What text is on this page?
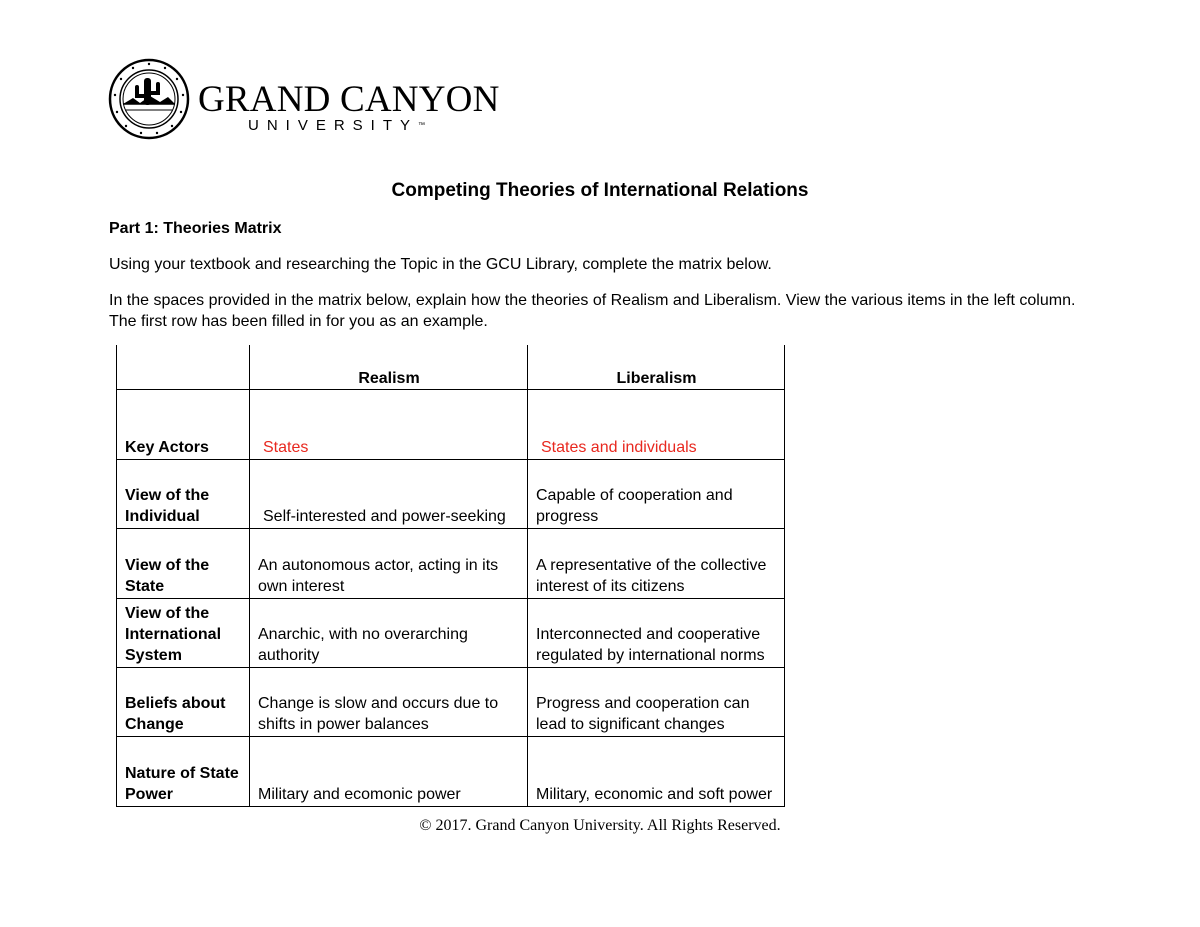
GRAND CANYON

UNIVERSITY™

Competing Theories of International Relations
Part 1: Theories Matrix

Using your textbook and researching the Topic in the GCU Library, complete the matrix below.

In the spaces provided in the matrix below, explain how the theories of Realism and Liberalism. View the various items in the left column. The first row has been filled in for you as an example.

	Realism	Liberalism
Key Actors	States	States and individuals
View of the Individual	Self-interested and power-seeking	Capable of cooperation and progress
View of the State	An autonomous actor, acting in its own interest	A representative of the collective interest of its citizens
View of the International System	Anarchic, with no overarching authority	Interconnected and cooperative regulated by international norms
Beliefs about Change	Change is slow and occurs due to shifts in power balances	Progress and cooperation can lead to significant changes
Nature of State Power	Military and ecomonic power	Military, economic and soft power

© 2017. Grand Canyon University. All Rights Reserved.
